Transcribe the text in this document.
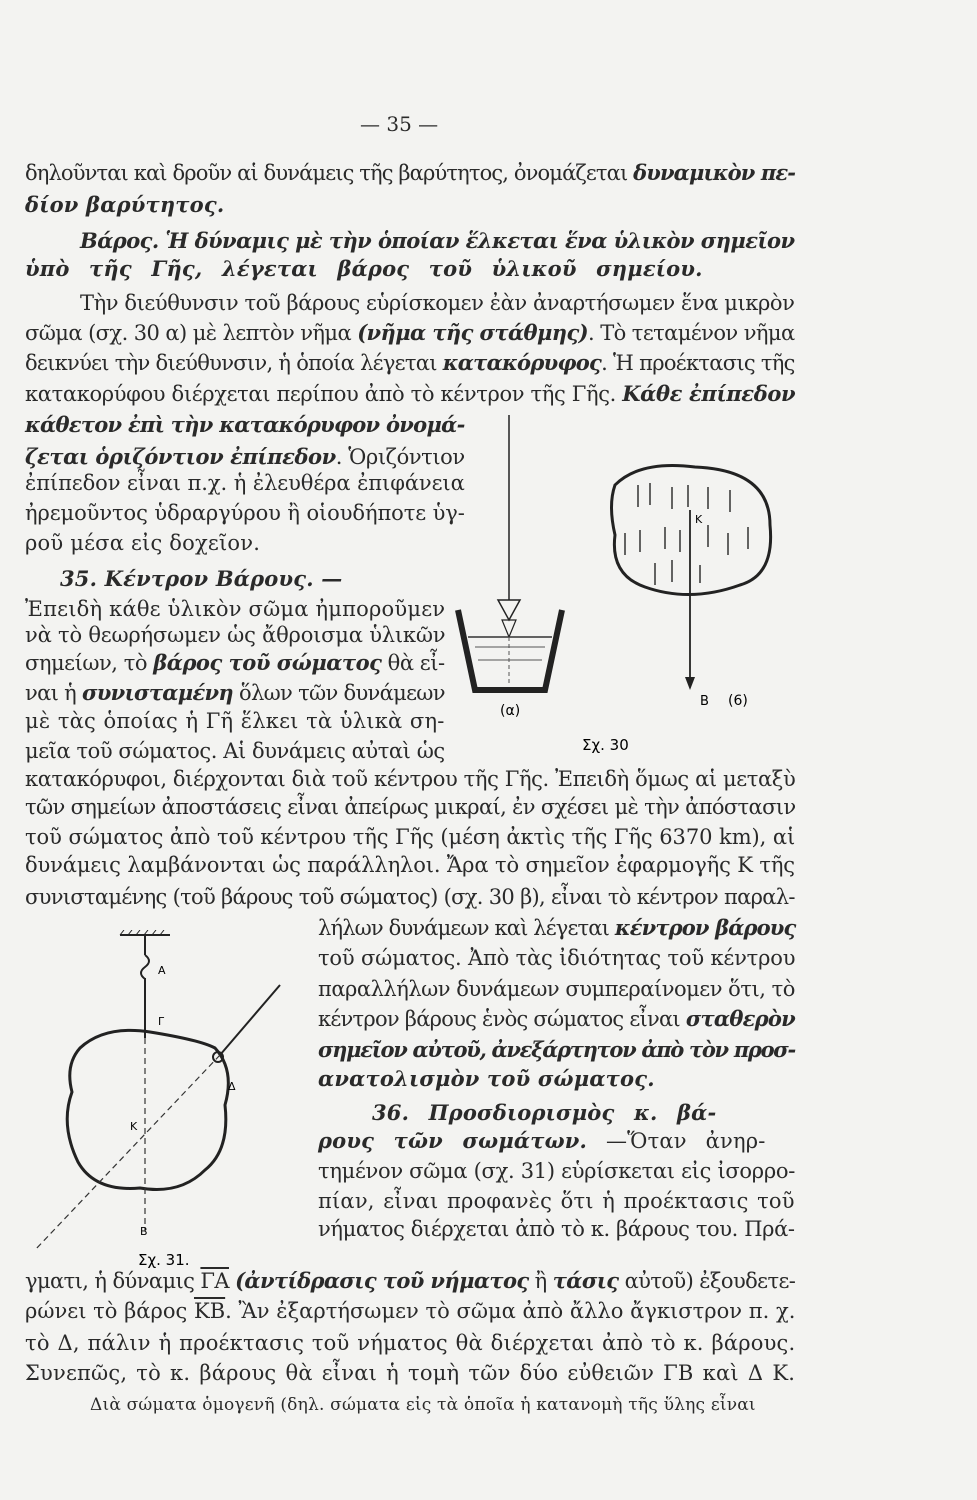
— 35 —
δηλοῦνται καὶ δροῦν αἱ δυνάμεις τῆς βαρύτητος, ὀνομάζεται δυναμικὸν πε-
δίον βαρύτητος.
Βάρος. Ἡ δύναμις μὲ τὴν ὁποίαν ἕλκεται ἕνα ὑλικὸν σημεῖον
ὑπὸ τῆς Γῆς, λέγεται βάρος τοῦ ὑλικοῦ σημείου.
Τὴν διεύθυνσιν τοῦ βάρους εὑρίσκομεν ἐὰν ἀναρτήσωμεν ἕνα μικρὸν
σῶμα (σχ. 30 α) μὲ λεπτὸν νῆμα (νῆμα τῆς στάθμης). Τὸ τεταμένον νῆμα
δεικνύει τὴν διεύθυνσιν, ἡ ὁποία λέγεται κατακόρυφος. Ἡ προέκτασις τῆς
κατακορύφου διέρχεται περίπου ἀπὸ τὸ κέντρον τῆς Γῆς. Κάθε ἐπίπεδον
κάθετον ἐπὶ τὴν κατακόρυφον ὀνομά-
ζεται ὁριζόντιον ἐπίπεδον. Ὁριζόντιον
ἐπίπεδον εἶναι π.χ. ἡ ἐλευθέρα ἐπιφάνεια
ἠρεμοῦντος ὑδραργύρου ἢ οἱουδήποτε ὑγ-
ροῦ μέσα εἰς δοχεῖον.
35. Κέντρον Βάρους. —
Ἐπειδὴ κάθε ὑλικὸν σῶμα ἠμποροῦμεν
νὰ τὸ θεωρήσωμεν ὡς ἄθροισμα ὑλικῶν
σημείων, τὸ βάρος τοῦ σώματος θὰ εἶ-
ναι ἡ συνισταμένη ὅλων τῶν δυνάμεων
μὲ τὰς ὁποίας ἡ Γῆ ἕλκει τὰ ὑλικὰ ση-
μεῖα τοῦ σώματος. Αἱ δυνάμεις αὐταὶ ὡς
κατακόρυφοι, διέρχονται διὰ τοῦ κέντρου τῆς Γῆς. Ἐπειδὴ ὅμως αἱ μεταξὺ
τῶν σημείων ἀποστάσεις εἶναι ἀπείρως μικραί, ἐν σχέσει μὲ τὴν ἀπόστασιν
τοῦ σώματος ἀπὸ τοῦ κέντρου τῆς Γῆς (μέση ἀκτὶς τῆς Γῆς 6370 km), αἱ
δυνάμεις λαμβάνονται ὡς παράλληλοι. Ἄρα τὸ σημεῖον ἐφαρμογῆς K τῆς
συνισταμένης (τοῦ βάρους τοῦ σώματος) (σχ. 30 β), εἶναι τὸ κέντρον παραλ-
λήλων δυνάμεων καὶ λέγεται κέντρον βάρους
τοῦ σώματος. Ἀπὸ τὰς ἰδιότητας τοῦ κέντρου
παραλλήλων δυνάμεων συμπεραίνομεν ὅτι, τὸ
κέντρον βάρους ἑνὸς σώματος εἶναι σταθερὸν
σημεῖον αὐτοῦ, ἀνεξάρτητον ἀπὸ τὸν προσ-
ανατολισμὸν τοῦ σώματος.
36. Προσδιορισμὸς κ. βά-
ρους τῶν σωμάτων. —Ὅταν ἀνηρ-
τημένον σῶμα (σχ. 31) εὑρίσκεται εἰς ἰσορρο-
πίαν, εἶναι προφανὲς ὅτι ἡ προέκτασις τοῦ
νήματος διέρχεται ἀπὸ τὸ κ. βάρους του. Πρά-
γματι, ἡ δύναμις $\overline{\Gamma A}$ (ἀντίδρασις τοῦ νήματος ἢ τάσις αὐτοῦ) ἐξουδετε-
ρώνει τὸ βάρος $\overline{KB}$. Ἂν ἐξαρτήσωμεν τὸ σῶμα ἀπὸ ἄλλο ἄγκιστρον π. χ.
τὸ Δ, πάλιν ἡ προέκτασις τοῦ νήματος θὰ διέρχεται ἀπὸ τὸ κ. βάρους.
Συνεπῶς, τὸ κ. βάρους θὰ εἶναι ἡ τομὴ τῶν δύο εὐθειῶν ΓΒ καὶ Δ K.
Διὰ σώματα ὁμογενῆ (δηλ. σώματα εἰς τὰ ὁποῖα ἡ κατανομὴ τῆς ὕλης εἶναι
(α)
K
B (6)
Σχ. 30
A
Γ
Δ
K
B
Σχ. 31.
